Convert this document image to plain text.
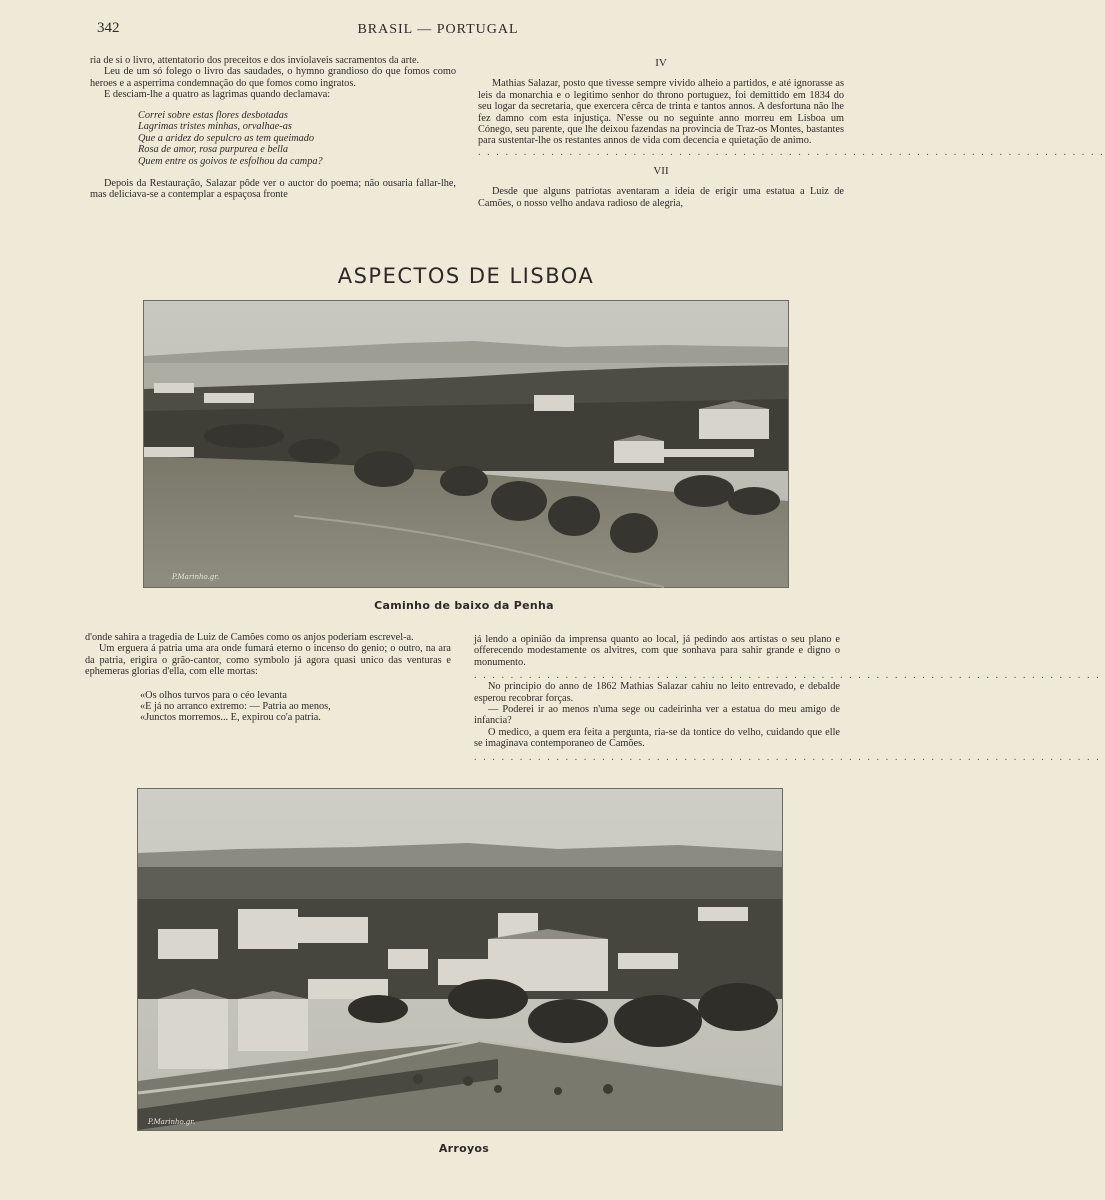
342	BRASIL — PORTUGAL

ria de si o livro, attentatorio dos preceitos e dos inviolaveis sacramentos da arte.

Leu de um só folego o livro das saudades, o hymno grandioso do que fomos como heroes e a asperrima condemnação do que fomos como ingratos.

E desciam-lhe a quatro as lagrimas quando declamava:

Correi sobre estas flores desbotadas
Lagrimas tristes minhas, orvalhae-as
Que a aridez do sepulcro as tem queimado
Rosa de amor, rosa purpurea e bella
Quem entre os goivos te esfolhou da campa?

Depois da Restauração, Salazar pôde ver o auctor do poema; não ousaria fallar-lhe, mas deliciava-se a contemplar a espaçosa fronte

IV

Mathias Salazar, posto que tivesse sempre vivido alheio a partidos, e até ignorasse as leis da monarchia e o legitimo senhor do throno portuguez, foi demittido em 1834 do seu logar da secretaria, que exercera cêrca de trinta e tantos annos. A desfortuna não lhe fez damno com esta injustiça. N'esse ou no seguinte anno morreu em Lisboa um Cónego, seu parente, que lhe deixou fazendas na provincia de Traz-os Montes, bastantes para sustentar-lhe os restantes annos de vida com decencia e quietação de animo.

. . . . . . . . . . . . . . . . . . . . . . . . . . . . . . . . . . . . . . . . . . . . . . . . . . . . . . . . . . . . . . . . . . . . .
VII

Desde que alguns patriotas aventaram a ideia de erigir uma estatua a Luiz de Camões, o nosso velho andava radioso de alegria,

ASPECTOS DE LISBOA
P.Marinho.gr.
Caminho de baixo da Penha

d'onde sahira a tragedia de Luiz de Camões como os anjos poderiam escrevel-a.

Um erguera á patria uma ara onde fumará eterno o incenso do genio; o outro, na ara da patria, erigira o grão-cantor, como symbolo já agora quasi unico das venturas e ephemeras glorias d'ella, com elle mortas:

«Os olhos turvos para o céo levanta
«E já no arranco extremo: — Patria ao menos,
«Junctos morremos... E, expirou co'a patria.

já lendo a opinião da imprensa quanto ao local, já pedindo aos artistas o seu plano e offerecendo modestamente os alvitres, com que sonhava para sahir grande e digno o monumento.

. . . . . . . . . . . . . . . . . . . . . . . . . . . . . . . . . . . . . . . . . . . . . . . . . . . . . . . . . . . . . . . . . . . . .

No principio do anno de 1862 Mathias Salazar cahiu no leito entrevado, e debalde esperou recobrar forças.

— Poderei ir ao menos n'uma sege ou cadeirinha ver a estatua do meu amigo de infancia?

O medico, a quem era feita a pergunta, ria-se da tontice do velho, cuidando que elle se imaginava contemporaneo de Camões.

. . . . . . . . . . . . . . . . . . . . . . . . . . . . . . . . . . . . . . . . . . . . . . . . . . . . . . . . . . . . . . . . . . . . .
P.Marinho.gr.
Arroyos
